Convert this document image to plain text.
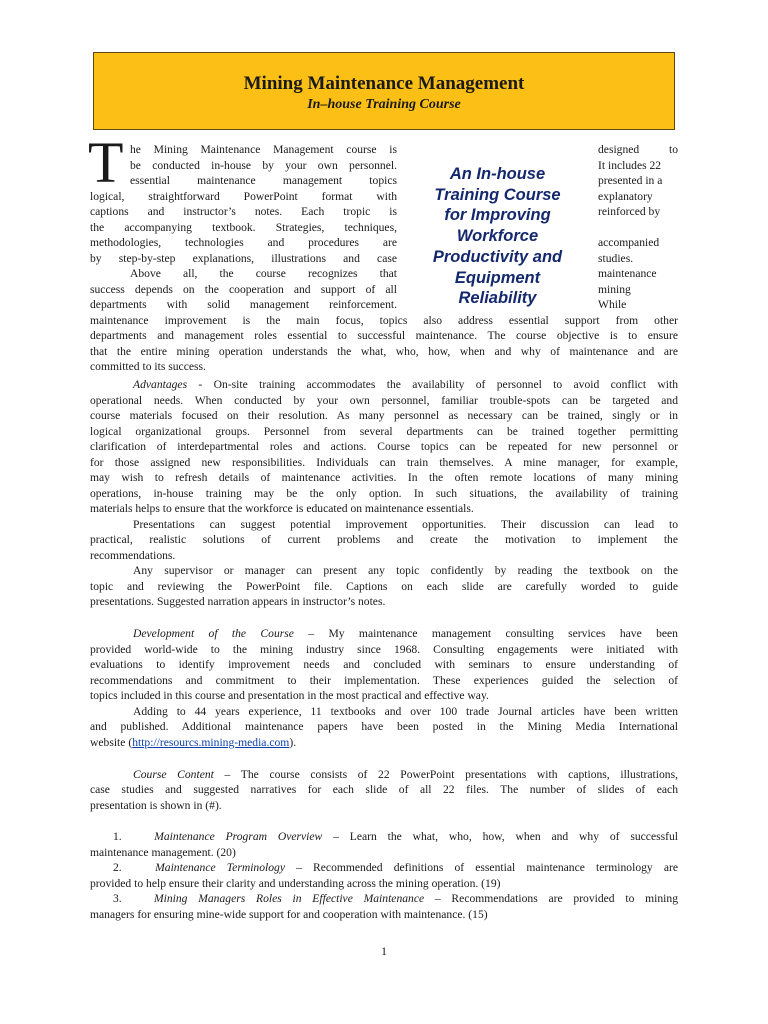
Mining Maintenance Management
In–house Training Course
T he Mining Maintenance Management course is
be conducted in-house by your own personnel.
essential maintenance management topics
logical, straightforward PowerPoint format with
captions and instructor’s notes. Each tropic is
the accompanying textbook. Strategies, techniques,
methodologies, technologies and procedures are
by step-by-step explanations, illustrations and case
Above all, the course recognizes that
success depends on the cooperation and support of all
departments with solid management reinforcement.
An In-house
Training Course
for Improving
Workforce
Productivity and
Equipment
Reliability
designed to
It includes 22
presented in a
explanatory
reinforced by
accompanied
studies.
maintenance
mining
While
maintenance improvement is the main focus, topics also address essential support from other
departments and management roles essential to successful maintenance. The course objective is to ensure
that the entire mining operation understands the what, who, how, when and why of maintenance and are
committed to its success.
Advantages - On-site training accommodates the availability of personnel to avoid conflict with
operational needs. When conducted by your own personnel, familiar trouble-spots can be targeted and
course materials focused on their resolution. As many personnel as necessary can be trained, singly or in
logical organizational groups. Personnel from several departments can be trained together permitting
clarification of interdepartmental roles and actions. Course topics can be repeated for new personnel or
for those assigned new responsibilities. Individuals can train themselves. A mine manager, for example,
may wish to refresh details of maintenance activities. In the often remote locations of many mining
operations, in-house training may be the only option. In such situations, the availability of training
materials helps to ensure that the workforce is educated on maintenance essentials.
Presentations can suggest potential improvement opportunities. Their discussion can lead to
practical, realistic solutions of current problems and create the motivation to implement the
recommendations.
Any supervisor or manager can present any topic confidently by reading the textbook on the
topic and reviewing the PowerPoint file. Captions on each slide are carefully worded to guide
presentations. Suggested narration appears in instructor’s notes.
Development of the Course – My maintenance management consulting services have been
provided world-wide to the mining industry since 1968. Consulting engagements were initiated with
evaluations to identify improvement needs and concluded with seminars to ensure understanding of
recommendations and commitment to their implementation. These experiences guided the selection of
topics included in this course and presentation in the most practical and effective way.
Adding to 44 years experience, 11 textbooks and over 100 trade Journal articles have been written
and published. Additional maintenance papers have been posted in the Mining Media International
website (http://resourcs.mining-media.com).
Course Content – The course consists of 22 PowerPoint presentations with captions, illustrations,
case studies and suggested narratives for each slide of all 22 files. The number of slides of each
presentation is shown in (#).
1.	Maintenance Program Overview – Learn the what, who, how, when and why of successful
maintenance management. (20)
2.	Maintenance Terminology – Recommended definitions of essential maintenance terminology are
provided to help ensure their clarity and understanding across the mining operation. (19)
3.	Mining Managers Roles in Effective Maintenance – Recommendations are provided to mining
managers for ensuring mine-wide support for and cooperation with maintenance. (15)
1
